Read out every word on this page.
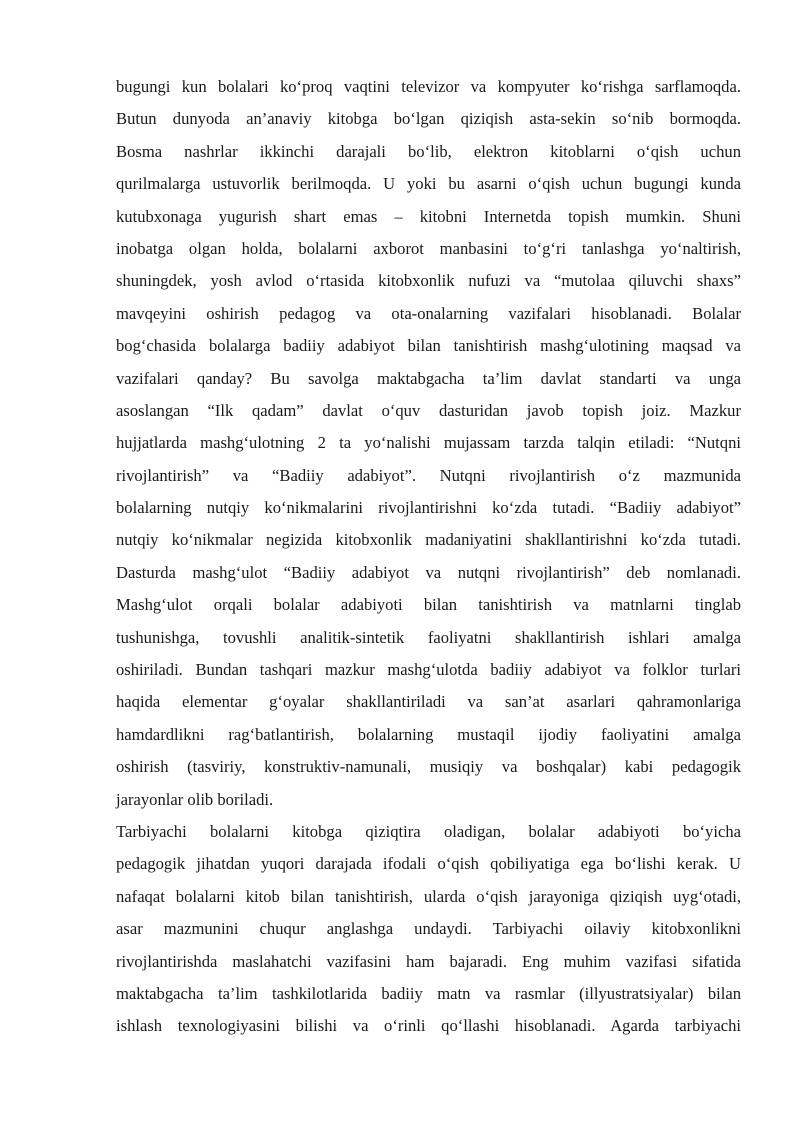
bugungi kun bolalari ko‘proq vaqtini televizor va kompyuter ko‘rishga sarflamoqda.
Butun dunyoda an’anaviy kitobga bo‘lgan qiziqish asta-sekin so‘nib bormoqda.
Bosma nashrlar ikkinchi darajali bo‘lib, elektron kitoblarni o‘qish uchun
qurilmalarga ustuvorlik berilmoqda. U yoki bu asarni o‘qish uchun bugungi kunda
kutubxonaga yugurish shart emas – kitobni Internetda topish mumkin. Shuni
inobatga olgan holda, bolalarni axborot manbasini to‘g‘ri tanlashga yo‘naltirish,
shuningdek, yosh avlod o‘rtasida kitobxonlik nufuzi va “mutolaa qiluvchi shaxs”
mavqeyini oshirish pedagog va ota-onalarning vazifalari hisoblanadi. Bolalar
bog‘chasida bolalarga badiiy adabiyot bilan tanishtirish mashg‘ulotining maqsad va
vazifalari qanday? Bu savolga maktabgacha ta’lim davlat standarti va unga
asoslangan “Ilk qadam” davlat o‘quv dasturidan javob topish joiz. Mazkur
hujjatlarda mashg‘ulotning 2 ta yo‘nalishi mujassam tarzda talqin etiladi: “Nutqni
rivojlantirish” va “Badiiy adabiyot”. Nutqni rivojlantirish o‘z mazmunida
bolalarning nutqiy ko‘nikmalarini rivojlantirishni ko‘zda tutadi. “Badiiy adabiyot”
nutqiy ko‘nikmalar negizida kitobxonlik madaniyatini shakllantirishni ko‘zda tutadi.
Dasturda mashg‘ulot “Badiiy adabiyot va nutqni rivojlantirish” deb nomlanadi.
Mashg‘ulot orqali bolalar adabiyoti bilan tanishtirish va matnlarni tinglab
tushunishga, tovushli analitik-sintetik faoliyatni shakllantirish ishlari amalga
oshiriladi. Bundan tashqari mazkur mashg‘ulotda badiiy adabiyot va folklor turlari
haqida elementar g‘oyalar shakllantiriladi va san’at asarlari qahramonlariga
hamdardlikni rag‘batlantirish, bolalarning mustaqil ijodiy faoliyatini amalga
oshirish (tasviriy, konstruktiv-namunali, musiqiy va boshqalar) kabi pedagogik
jarayonlar olib boriladi.
Tarbiyachi bolalarni kitobga qiziqtira oladigan, bolalar adabiyoti bo‘yicha
pedagogik jihatdan yuqori darajada ifodali o‘qish qobiliyatiga ega bo‘lishi kerak. U
nafaqat bolalarni kitob bilan tanishtirish, ularda o‘qish jarayoniga qiziqish uyg‘otadi,
asar mazmunini chuqur anglashga undaydi. Tarbiyachi oilaviy kitobxonlikni
rivojlantirishda maslahatchi vazifasini ham bajaradi. Eng muhim vazifasi sifatida
maktabgacha ta’lim tashkilotlarida badiiy matn va rasmlar (illyustratsiyalar) bilan
ishlash texnologiyasini bilishi va o‘rinli qo‘llashi hisoblanadi. Agarda tarbiyachi
